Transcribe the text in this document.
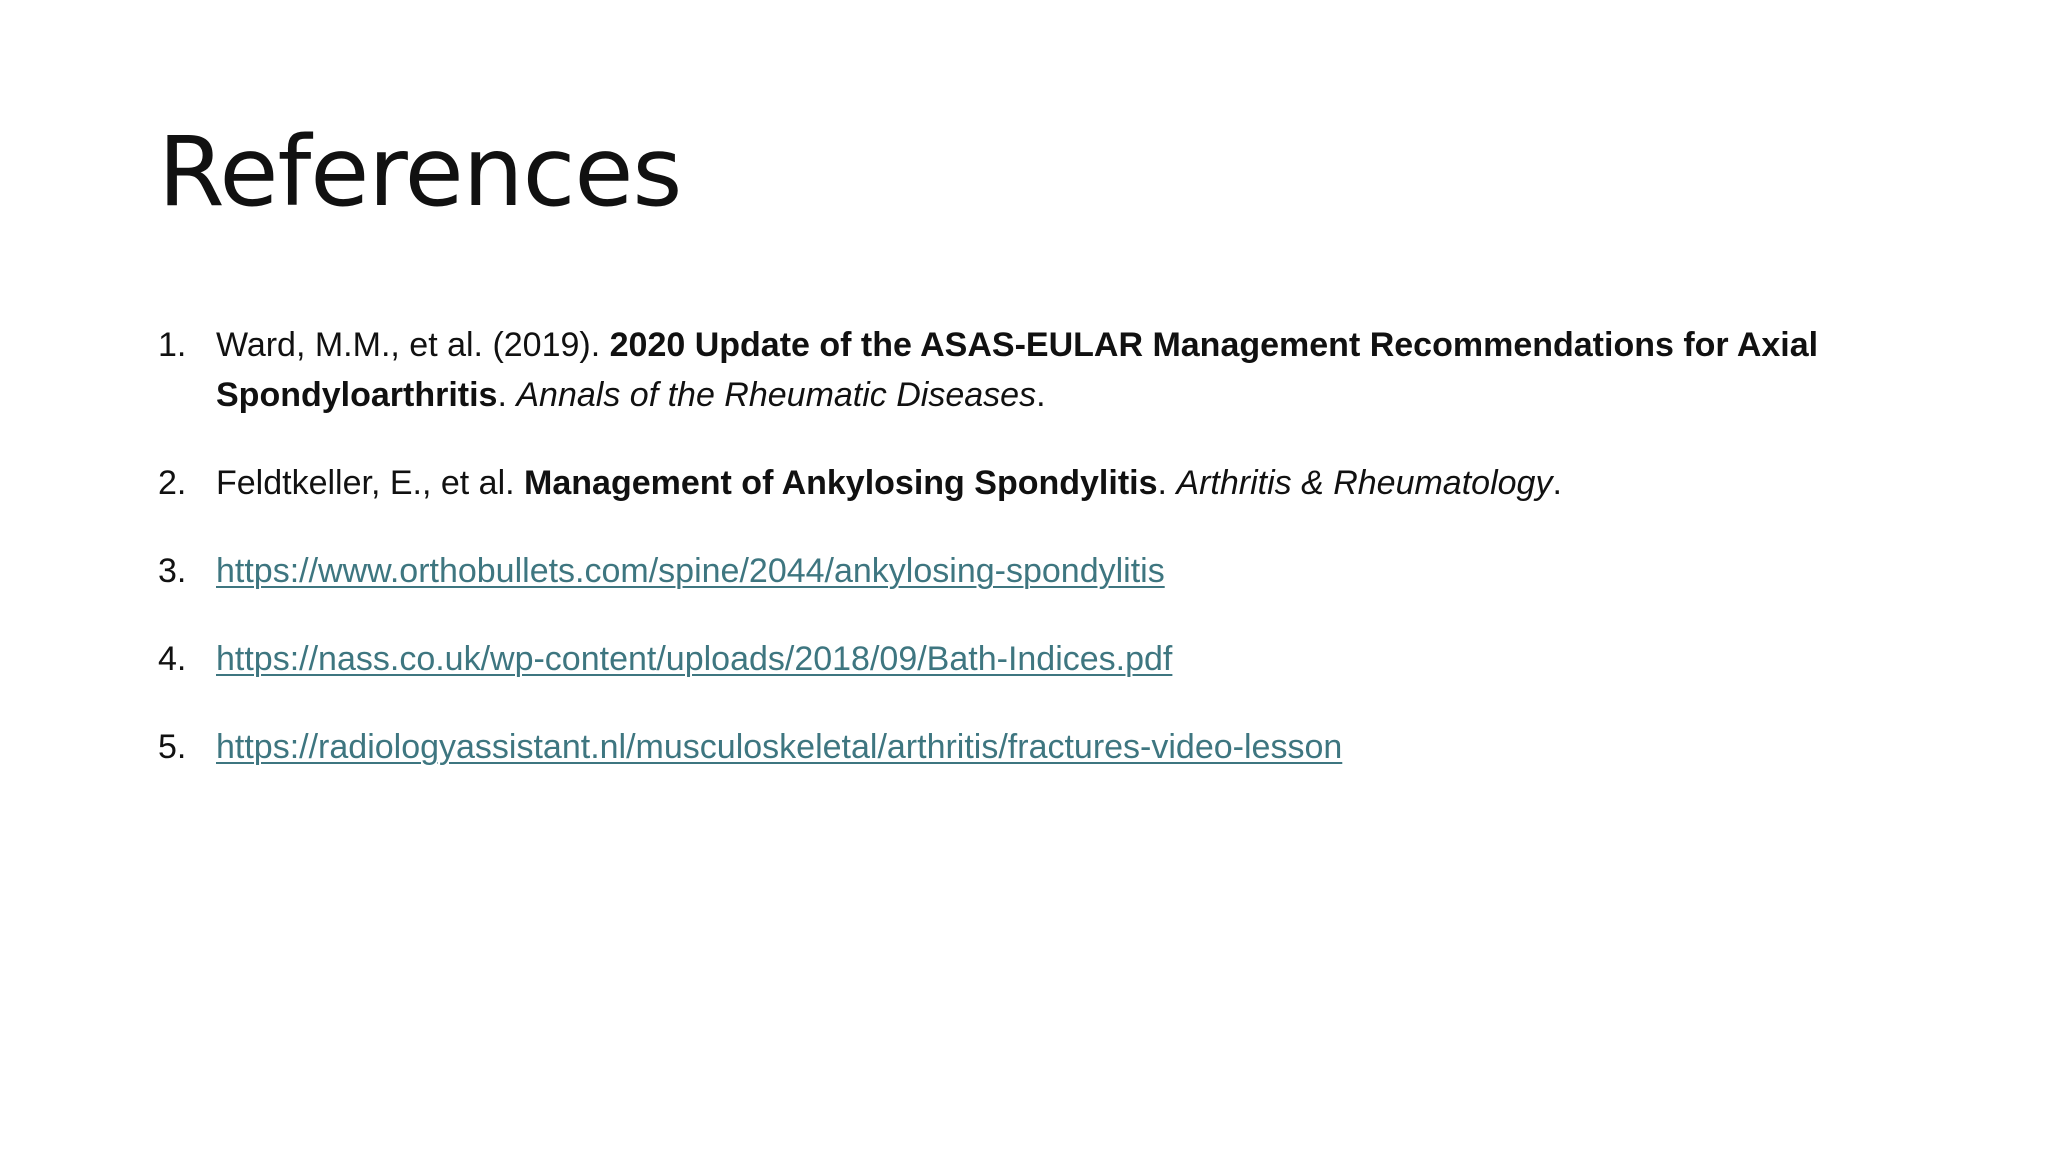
References
1. Ward, M.M., et al. (2019). 2020 Update of the ASAS-EULAR Management Recommendations for Axial Spondyloarthritis. Annals of the Rheumatic Diseases.
2. Feldtkeller, E., et al. Management of Ankylosing Spondylitis. Arthritis & Rheumatology.
3. https://www.orthobullets.com/spine/2044/ankylosing-spondylitis
4. https://nass.co.uk/wp-content/uploads/2018/09/Bath-Indices.pdf
5. https://radiologyassistant.nl/musculoskeletal/arthritis/fractures-video-lesson
